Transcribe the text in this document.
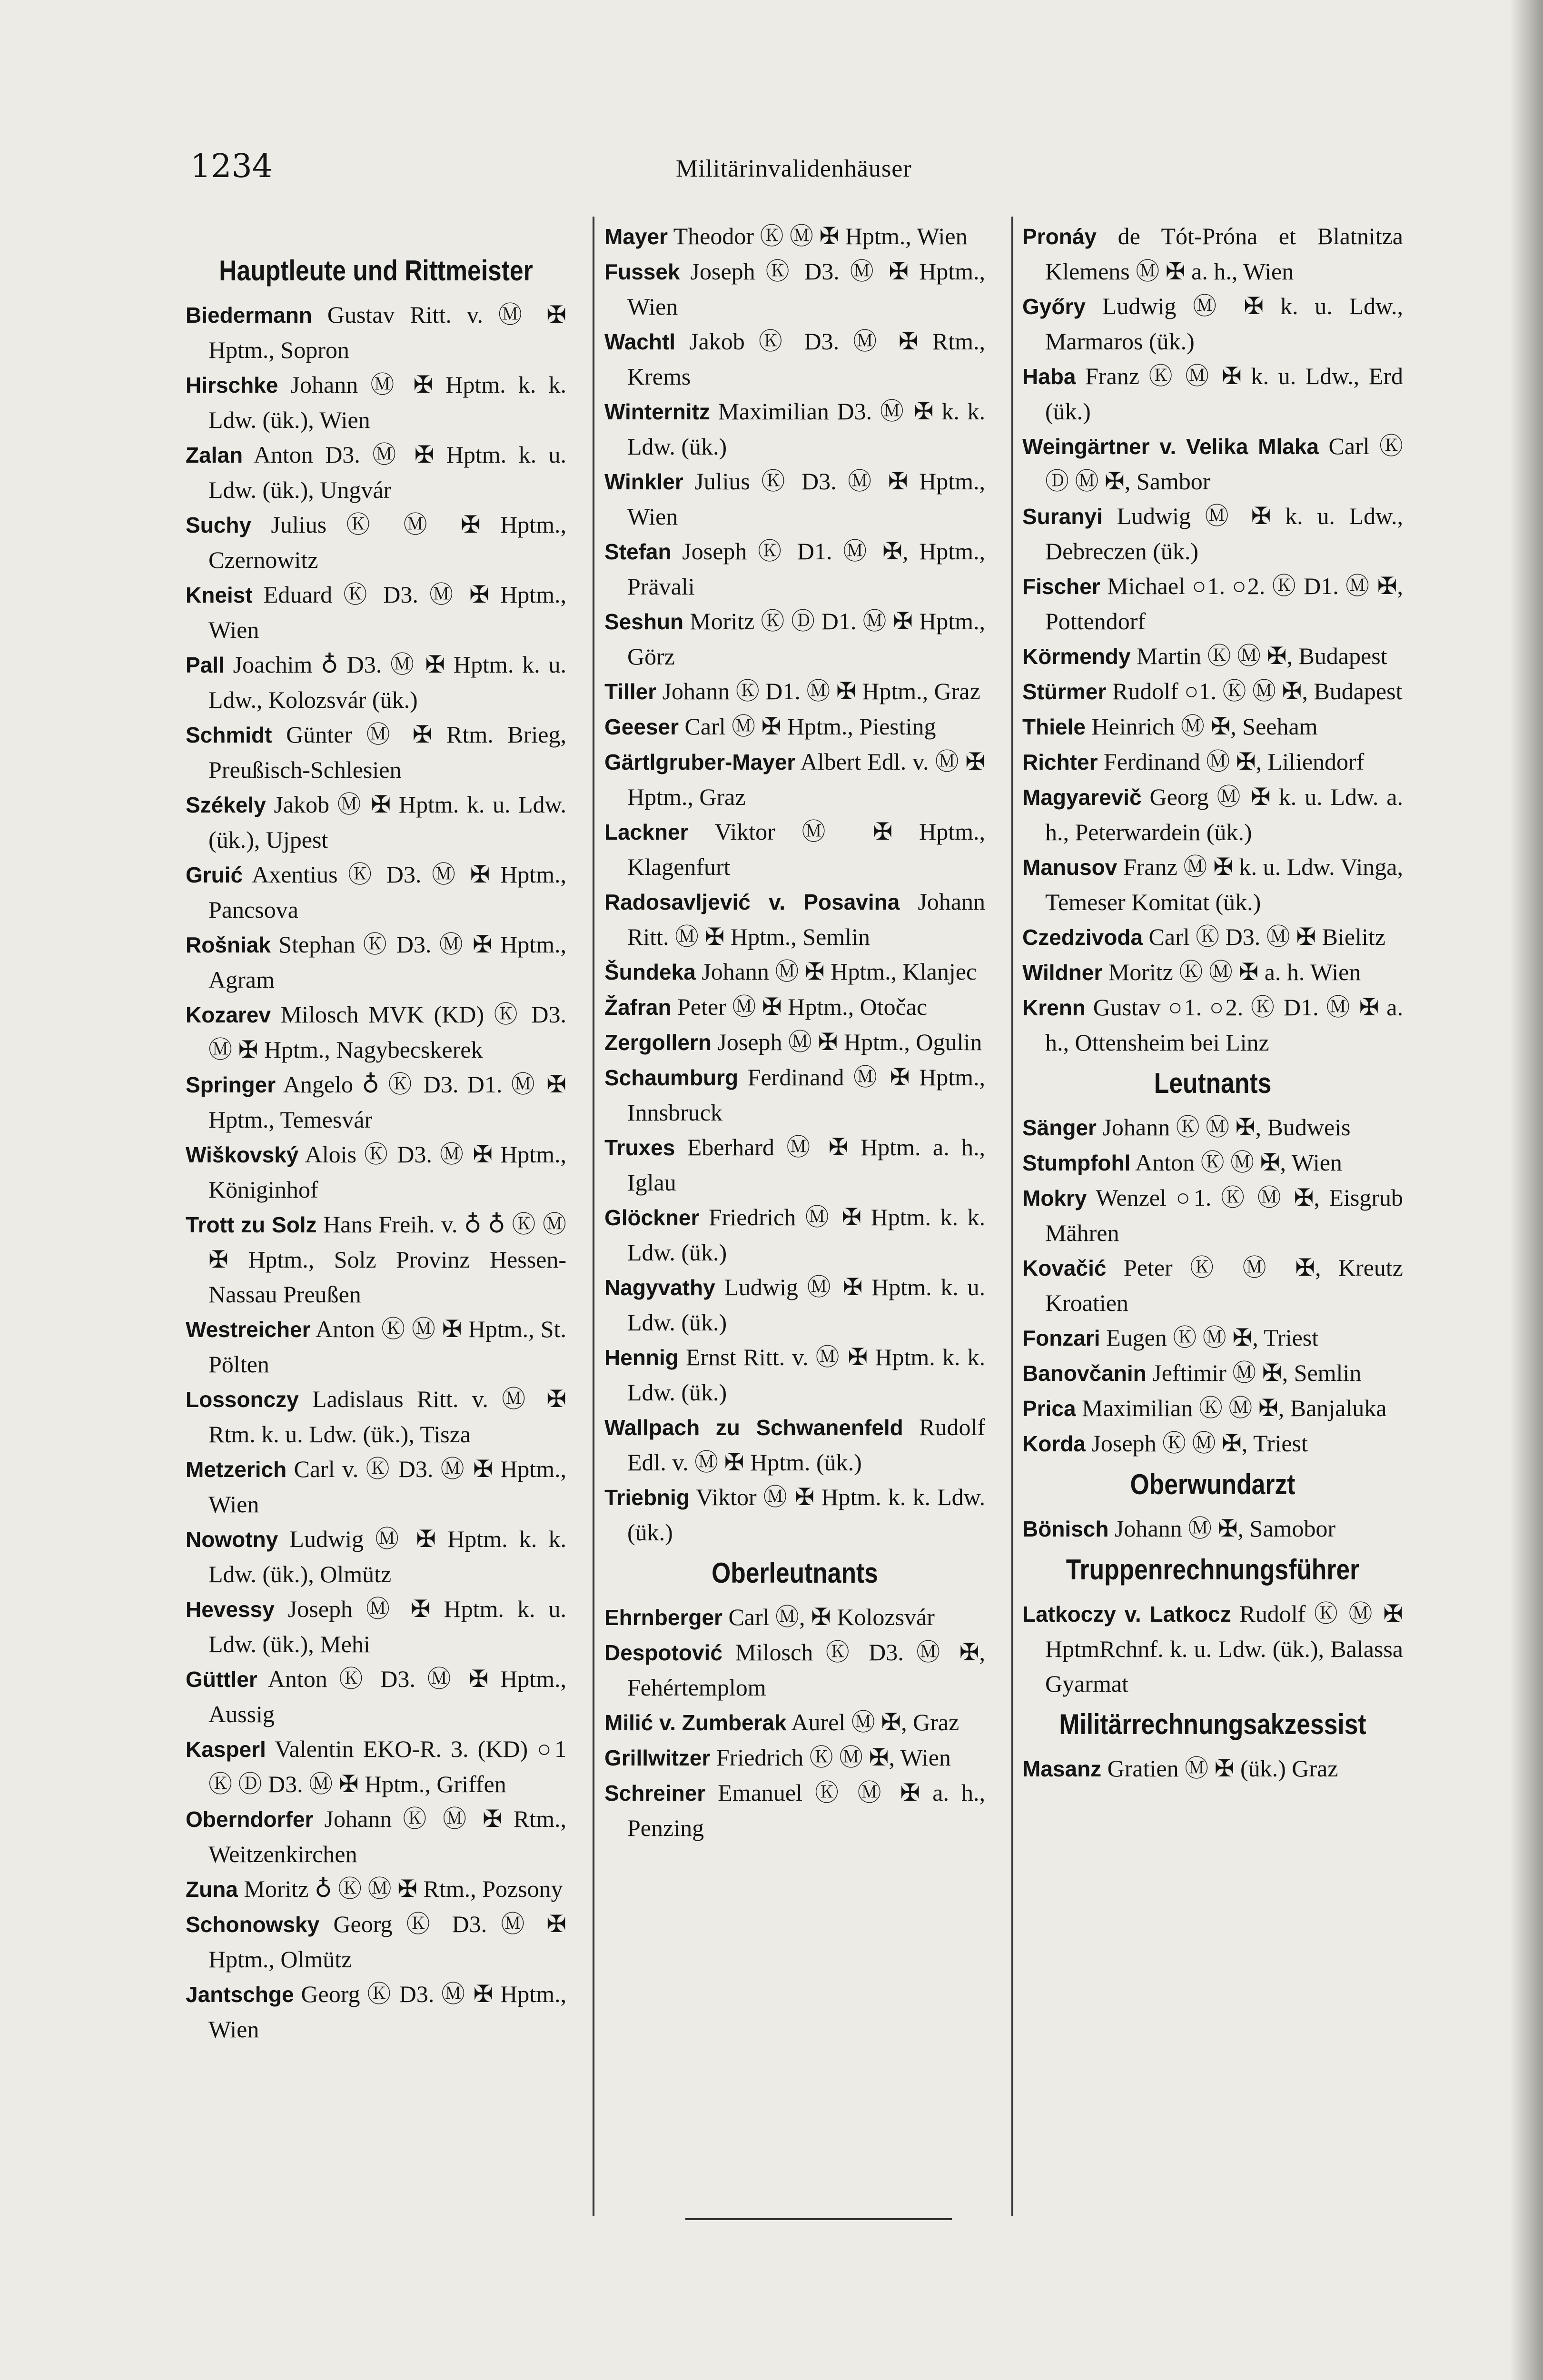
1234	Militärinvalidenhäuser
Hauptleute und Rittmeister
Biedermann Gustav Ritt. v. Ⓜ ✠ Hptm., Sopron
Hirschke Johann Ⓜ ✠ Hptm. k. k. Ldw. (ük.), Wien
Zalan Anton D3. Ⓜ ✠ Hptm. k. u. Ldw. (ük.), Ungvár
Suchy Julius Ⓚ Ⓜ ✠ Hptm., Czernowitz
Kneist Eduard Ⓚ D3. Ⓜ ✠ Hptm., Wien
Pall Joachim ♁ D3. Ⓜ ✠ Hptm. k. u. Ldw., Kolozsvár (ük.)
Schmidt Günter Ⓜ ✠ Rtm. Brieg, Preußisch-Schlesien
Székely Jakob Ⓜ ✠ Hptm. k. u. Ldw. (ük.), Ujpest
Gruić Axentius Ⓚ D3. Ⓜ ✠ Hptm., Pancsova
Rošniak Stephan Ⓚ D3. Ⓜ ✠ Hptm., Agram
Kozarev Milosch MVK (KD) Ⓚ D3. Ⓜ ✠ Hptm., Nagybecskerek
Springer Angelo ♁ Ⓚ D3. D1. Ⓜ ✠ Hptm., Temesvár
Wiškovský Alois Ⓚ D3. Ⓜ ✠ Hptm., Königinhof
Trott zu Solz Hans Freih. v. ♁ ♁ Ⓚ Ⓜ ✠ Hptm., Solz Provinz Hessen-Nassau Preußen
Westreicher Anton Ⓚ Ⓜ ✠ Hptm., St. Pölten
Lossonczy Ladislaus Ritt. v. Ⓜ ✠ Rtm. k. u. Ldw. (ük.), Tisza
Metzerich Carl v. Ⓚ D3. Ⓜ ✠ Hptm., Wien
Nowotny Ludwig Ⓜ ✠ Hptm. k. k. Ldw. (ük.), Olmütz
Hevessy Joseph Ⓜ ✠ Hptm. k. u. Ldw. (ük.), Mehi
Güttler Anton Ⓚ D3. Ⓜ ✠ Hptm., Aussig
Kasperl Valentin EKO-R. 3. (KD) ○1 Ⓚ Ⓓ D3. Ⓜ ✠ Hptm., Griffen
Oberndorfer Johann Ⓚ Ⓜ ✠ Rtm., Weitzenkirchen
Zuna Moritz ♁ Ⓚ Ⓜ ✠ Rtm., Pozsony
Schonowsky Georg Ⓚ D3. Ⓜ ✠ Hptm., Olmütz
Jantschge Georg Ⓚ D3. Ⓜ ✠ Hptm., Wien
Mayer Theodor Ⓚ Ⓜ ✠ Hptm., Wien
Fussek Joseph Ⓚ D3. Ⓜ ✠ Hptm., Wien
Wachtl Jakob Ⓚ D3. Ⓜ ✠ Rtm., Krems
Winternitz Maximilian D3. Ⓜ ✠ k. k. Ldw. (ük.)
Winkler Julius Ⓚ D3. Ⓜ ✠ Hptm., Wien
Stefan Joseph Ⓚ D1. Ⓜ ✠, Hptm., Prävali
Seshun Moritz Ⓚ Ⓓ D1. Ⓜ ✠ Hptm., Görz
Tiller Johann Ⓚ D1. Ⓜ ✠ Hptm., Graz
Geeser Carl Ⓜ ✠ Hptm., Piesting
Gärtlgruber-Mayer Albert Edl. v. Ⓜ ✠ Hptm., Graz
Lackner Viktor Ⓜ ✠ Hptm., Klagenfurt
Radosavljević v. Posavina Johann Ritt. Ⓜ ✠ Hptm., Semlin
Šundeka Johann Ⓜ ✠ Hptm., Klanjec
Žafran Peter Ⓜ ✠ Hptm., Otočac
Zergollern Joseph Ⓜ ✠ Hptm., Ogulin
Schaumburg Ferdinand Ⓜ ✠ Hptm., Innsbruck
Truxes Eberhard Ⓜ ✠ Hptm. a. h., Iglau
Glöckner Friedrich Ⓜ ✠ Hptm. k. k. Ldw. (ük.)
Nagyvathy Ludwig Ⓜ ✠ Hptm. k. u. Ldw. (ük.)
Hennig Ernst Ritt. v. Ⓜ ✠ Hptm. k. k. Ldw. (ük.)
Wallpach zu Schwanenfeld Rudolf Edl. v. Ⓜ ✠ Hptm. (ük.)
Triebnig Viktor Ⓜ ✠ Hptm. k. k. Ldw. (ük.)
Oberleutnants
Ehrnberger Carl Ⓜ, ✠ Kolozsvár
Despotović Milosch Ⓚ D3. Ⓜ ✠, Fehértemplom
Milić v. Zumberak Aurel Ⓜ ✠, Graz
Grillwitzer Friedrich Ⓚ Ⓜ ✠, Wien
Schreiner Emanuel Ⓚ Ⓜ ✠ a. h., Penzing
Pronáy de Tót-Próna et Blatnitza Klemens Ⓜ ✠ a. h., Wien
Győry Ludwig Ⓜ ✠ k. u. Ldw., Marmaros (ük.)
Haba Franz Ⓚ Ⓜ ✠ k. u. Ldw., Erd (ük.)
Weingärtner v. Velika Mlaka Carl Ⓚ Ⓓ Ⓜ ✠, Sambor
Suranyi Ludwig Ⓜ ✠ k. u. Ldw., Debreczen (ük.)
Fischer Michael ○1. ○2. Ⓚ D1. Ⓜ ✠, Pottendorf
Körmendy Martin Ⓚ Ⓜ ✠, Budapest
Stürmer Rudolf ○1. Ⓚ Ⓜ ✠, Budapest
Thiele Heinrich Ⓜ ✠, Seeham
Richter Ferdinand Ⓜ ✠, Liliendorf
Magyarevič Georg Ⓜ ✠ k. u. Ldw. a. h., Peterwardein (ük.)
Manusov Franz Ⓜ ✠ k. u. Ldw. Vinga, Temeser Komitat (ük.)
Czedzivoda Carl Ⓚ D3. Ⓜ ✠ Bielitz
Wildner Moritz Ⓚ Ⓜ ✠ a. h. Wien
Krenn Gustav ○1. ○2. Ⓚ D1. Ⓜ ✠ a. h., Ottensheim bei Linz
Leutnants
Sänger Johann Ⓚ Ⓜ ✠, Budweis
Stumpfohl Anton Ⓚ Ⓜ ✠, Wien
Mokry Wenzel ○1. Ⓚ Ⓜ ✠, Eisgrub Mähren
Kovačić Peter Ⓚ Ⓜ ✠, Kreutz Kroatien
Fonzari Eugen Ⓚ Ⓜ ✠, Triest
Banovčanin Jeftimir Ⓜ ✠, Semlin
Prica Maximilian Ⓚ Ⓜ ✠, Banjaluka
Korda Joseph Ⓚ Ⓜ ✠, Triest
Oberwundarzt
Bönisch Johann Ⓜ ✠, Samobor
Truppenrechnungsführer
Latkoczy v. Latkocz Rudolf Ⓚ Ⓜ ✠ HptmRchnf. k. u. Ldw. (ük.), Balassa Gyarmat
Militärrechnungsakzessist
Masanz Gratien Ⓜ ✠ (ük.) Graz
